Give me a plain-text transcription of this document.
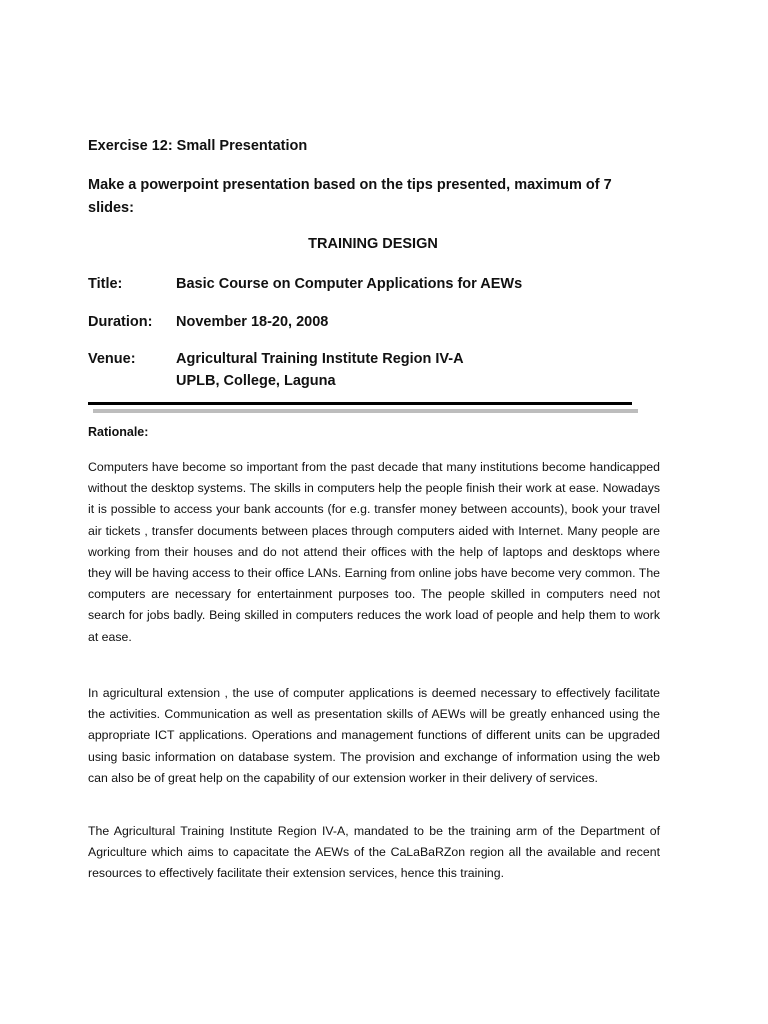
Exercise 12: Small Presentation
Make a powerpoint presentation based on the tips presented, maximum of 7 slides:
TRAINING DESIGN
Title:	Basic Course on Computer Applications for AEWs
Duration:	November 18-20, 2008
Venue:	Agricultural Training Institute Region IV-A
UPLB, College, Laguna
Rationale:

Computers have become so important from the past decade that many institutions become handicapped without the desktop systems. The skills in computers help the people finish their work at ease. Nowadays it is possible to access your bank accounts (for e.g. transfer money between accounts), book your travel air tickets , transfer documents between places through computers aided with Internet. Many people are working from their houses and do not attend their offices with the help of laptops and desktops where they will be having access to their office LANs. Earning from online jobs have become very common. The computers are necessary for entertainment purposes too. The people skilled in computers need not search for jobs badly. Being skilled in computers reduces the work load of people and help them to work at ease.

In agricultural extension , the use of computer applications is deemed necessary to effectively facilitate the activities. Communication as well as presentation skills of AEWs will be greatly enhanced using the appropriate ICT applications. Operations and management functions of different units can be upgraded using basic information on database system. The provision and exchange of information using the web can also be of great help on the capability of our extension worker in their delivery of services.

The Agricultural Training Institute Region IV-A, mandated to be the training arm of the Department of Agriculture which aims to capacitate the AEWs of the CaLaBaRZon region all the available and recent resources to effectively facilitate their extension services, hence this training.
